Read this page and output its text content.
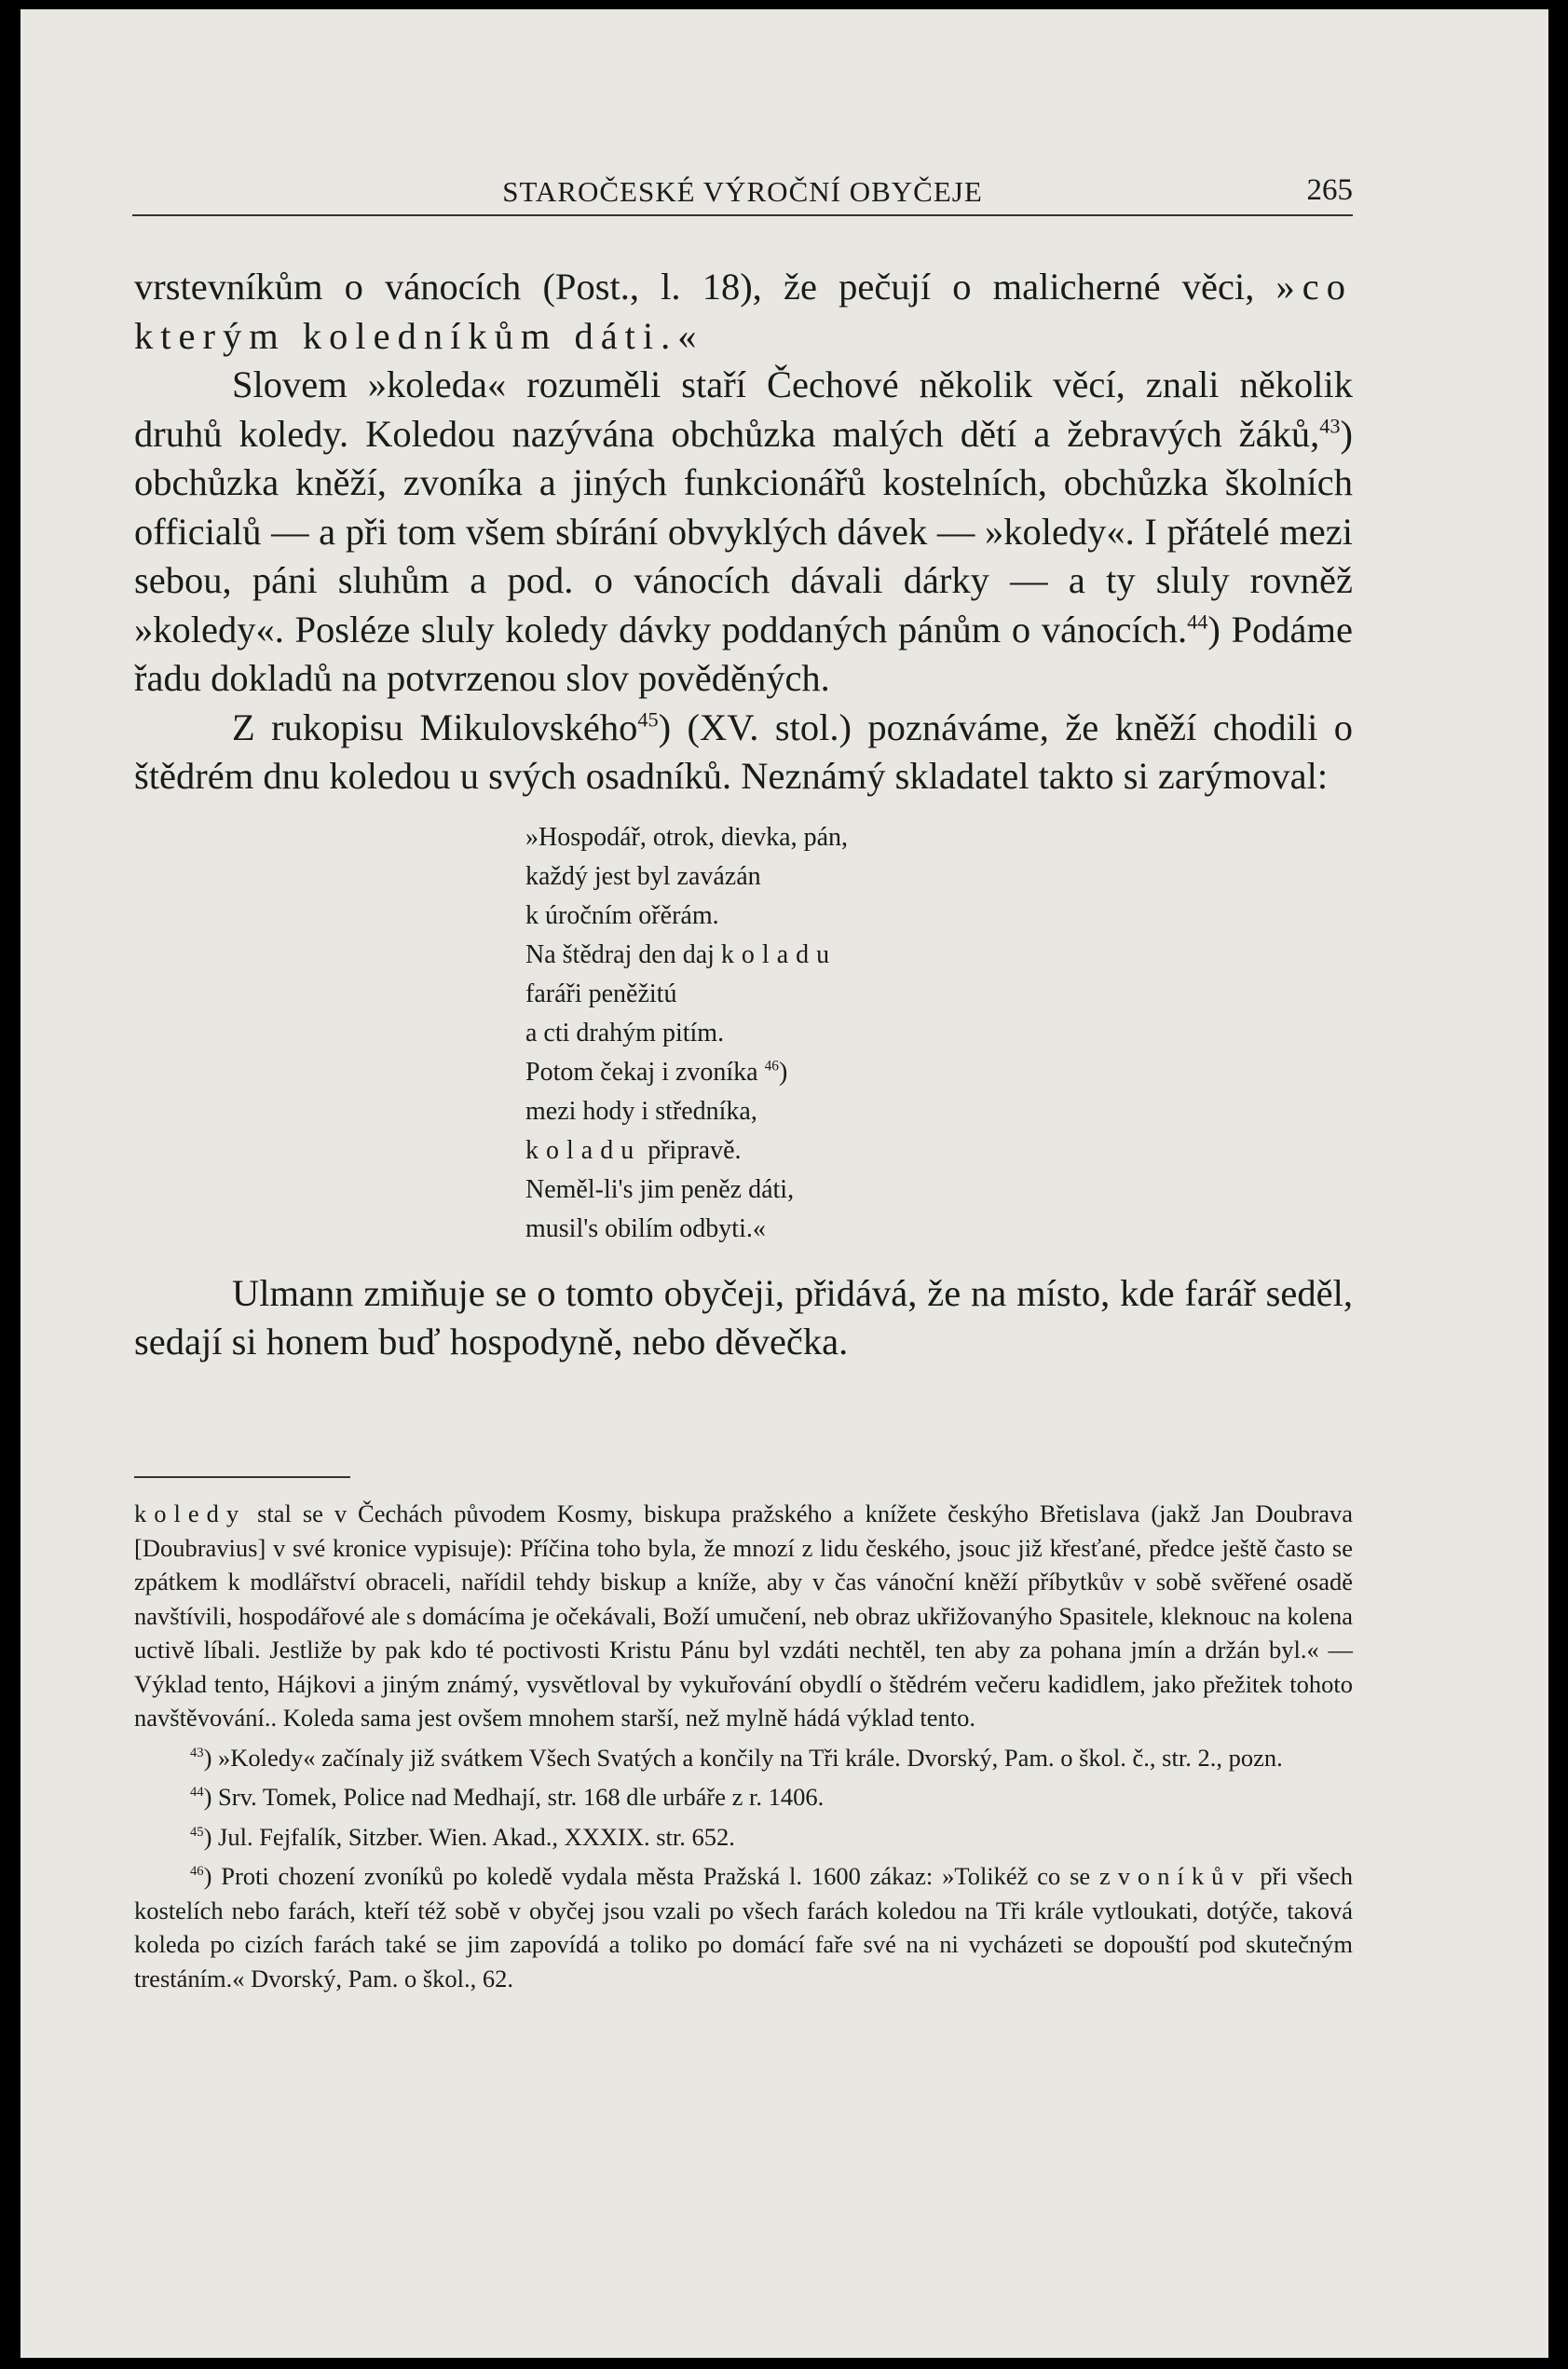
STAROČESKÉ VÝROČNÍ OBYČEJE	265

vrstevníkům o vánocích (Post., l. 18), že pečují o malicherné věci, »co kterým koledníkům dáti.«

Slovem »koleda« rozuměli staří Čechové několik věcí, znali několik druhů koledy. Koledou nazývána obchůzka malých dětí a žebravých žáků,$^{43}$) obchůzka kněží, zvoníka a jiných funkcionářů kostelních, obchůzka školních officialů — a při tom všem sbírání obvyklých dávek — »koledy«. I přátelé mezi sebou, páni sluhům a pod. o vánocích dávali dárky — a ty sluly rovněž »koledy«. Posléze sluly koledy dávky poddaných pánům o vánocích.$^{44}$) Podáme řadu dokladů na potvrzenou slov pověděných.

Z rukopisu Mikulovského$^{45}$) (XV. stol.) poznáváme, že kněží chodili o štědrém dnu koledou u svých osadníků. Neznámý skladatel takto si zarýmoval:

»Hospodář, otrok, dievka, pán,
každý jest byl zavázán
k úročním ořěrám.
Na štědraj den daj koladu
faráři peněžitú
a cti drahým pitím.
Potom čekaj i zvoníka $^{46}$)
mezi hody i středníka,
koladu připravě.
Neměl-li's jim peněz dáti,
musil's obilím odbyti.«

Ulmann zmiňuje se o tomto obyčeji, přidává, že na místo, kde farář seděl, sedají si honem buď hospodyně, nebo děvečka.

koledy stal se v Čechách původem Kosmy, biskupa pražského a knížete českýho Břetislava (jakž Jan Doubrava [Doubravius] v své kronice vypisuje): Příčina toho byla, že mnozí z lidu českého, jsouc již křesťané, předce ještě často se zpátkem k modlářství obraceli, nařídil tehdy biskup a kníže, aby v čas vánoční kněží příbytkův v sobě svěřené osadě navštívili, hospodářové ale s domácíma je očekávali, Boží umučení, neb obraz ukřižovanýho Spasitele, kleknouc na kolena uctivě líbali. Jestliže by pak kdo té poctivosti Kristu Pánu byl vzdáti nechtěl, ten aby za pohana jmín a držán byl.« — Výklad tento, Hájkovi a jiným známý, vysvětloval by vykuřování obydlí o štědrém večeru kadidlem, jako přežitek tohoto navštěvování.. Koleda sama jest ovšem mnohem starší, než mylně hádá výklad tento.

$^{43}$) »Koledy« začínaly již svátkem Všech Svatých a končily na Tři krále. Dvorský, Pam. o škol. č., str. 2., pozn.

$^{44}$) Srv. Tomek, Police nad Medhají, str. 168 dle urbáře z r. 1406.

$^{45}$) Jul. Fejfalík, Sitzber. Wien. Akad., XXXIX. str. 652.

$^{46}$) Proti chození zvoníků po koledě vydala města Pražská l. 1600 zákaz: »Tolikéž co se zvoníkův při všech kostelích nebo farách, kteří též sobě v obyčej jsou vzali po všech farách koledou na Tři krále vytloukati, dotýče, taková koleda po cizích farách také se jim zapovídá a toliko po domácí faře své na ni vycházeti se dopouští pod skutečným trestáním.« Dvorský, Pam. o škol., 62.
